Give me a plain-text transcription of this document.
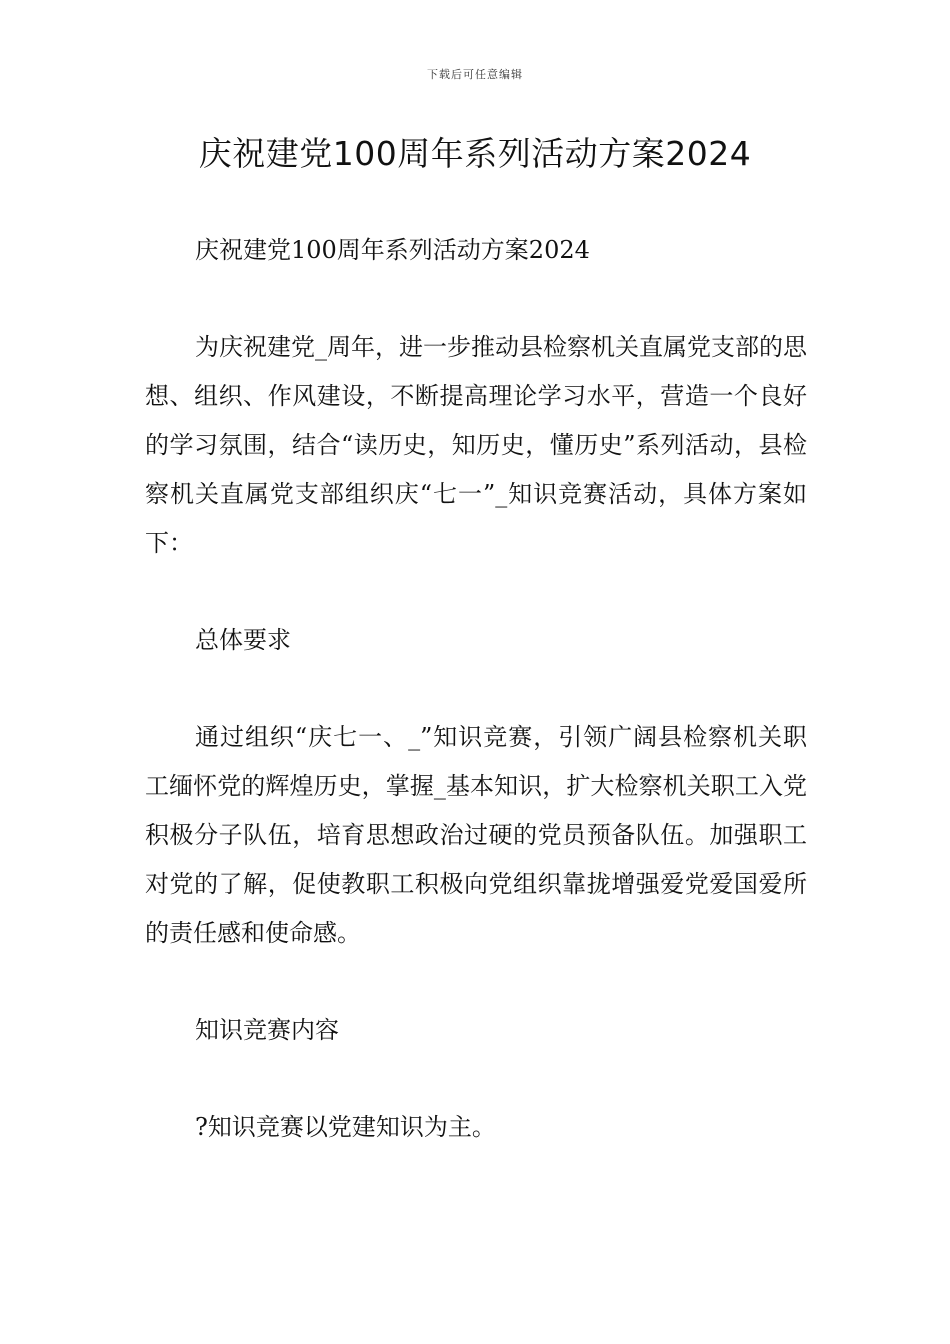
下载后可任意编辑
庆祝建党100周年系列活动方案2024

庆祝建党100周年系列活动方案2024

为庆祝建党_周年，进一步推动县检察机关直属党支部的思想、组织、作风建设，不断提高理论学习水平，营造一个良好的学习氛围，结合“读历史，知历史，懂历史”系列活动，县检察机关直属党支部组织庆“七一”_知识竞赛活动，具体方案如下：

总体要求

通过组织“庆七一、_”知识竞赛，引领广阔县检察机关职工缅怀党的辉煌历史，掌握_基本知识，扩大检察机关职工入党积极分子队伍，培育思想政治过硬的党员预备队伍。加强职工对党的了解，促使教职工积极向党组织靠拢增强爱党爱国爱所的责任感和使命感。

知识竞赛内容

?知识竞赛以党建知识为主。
